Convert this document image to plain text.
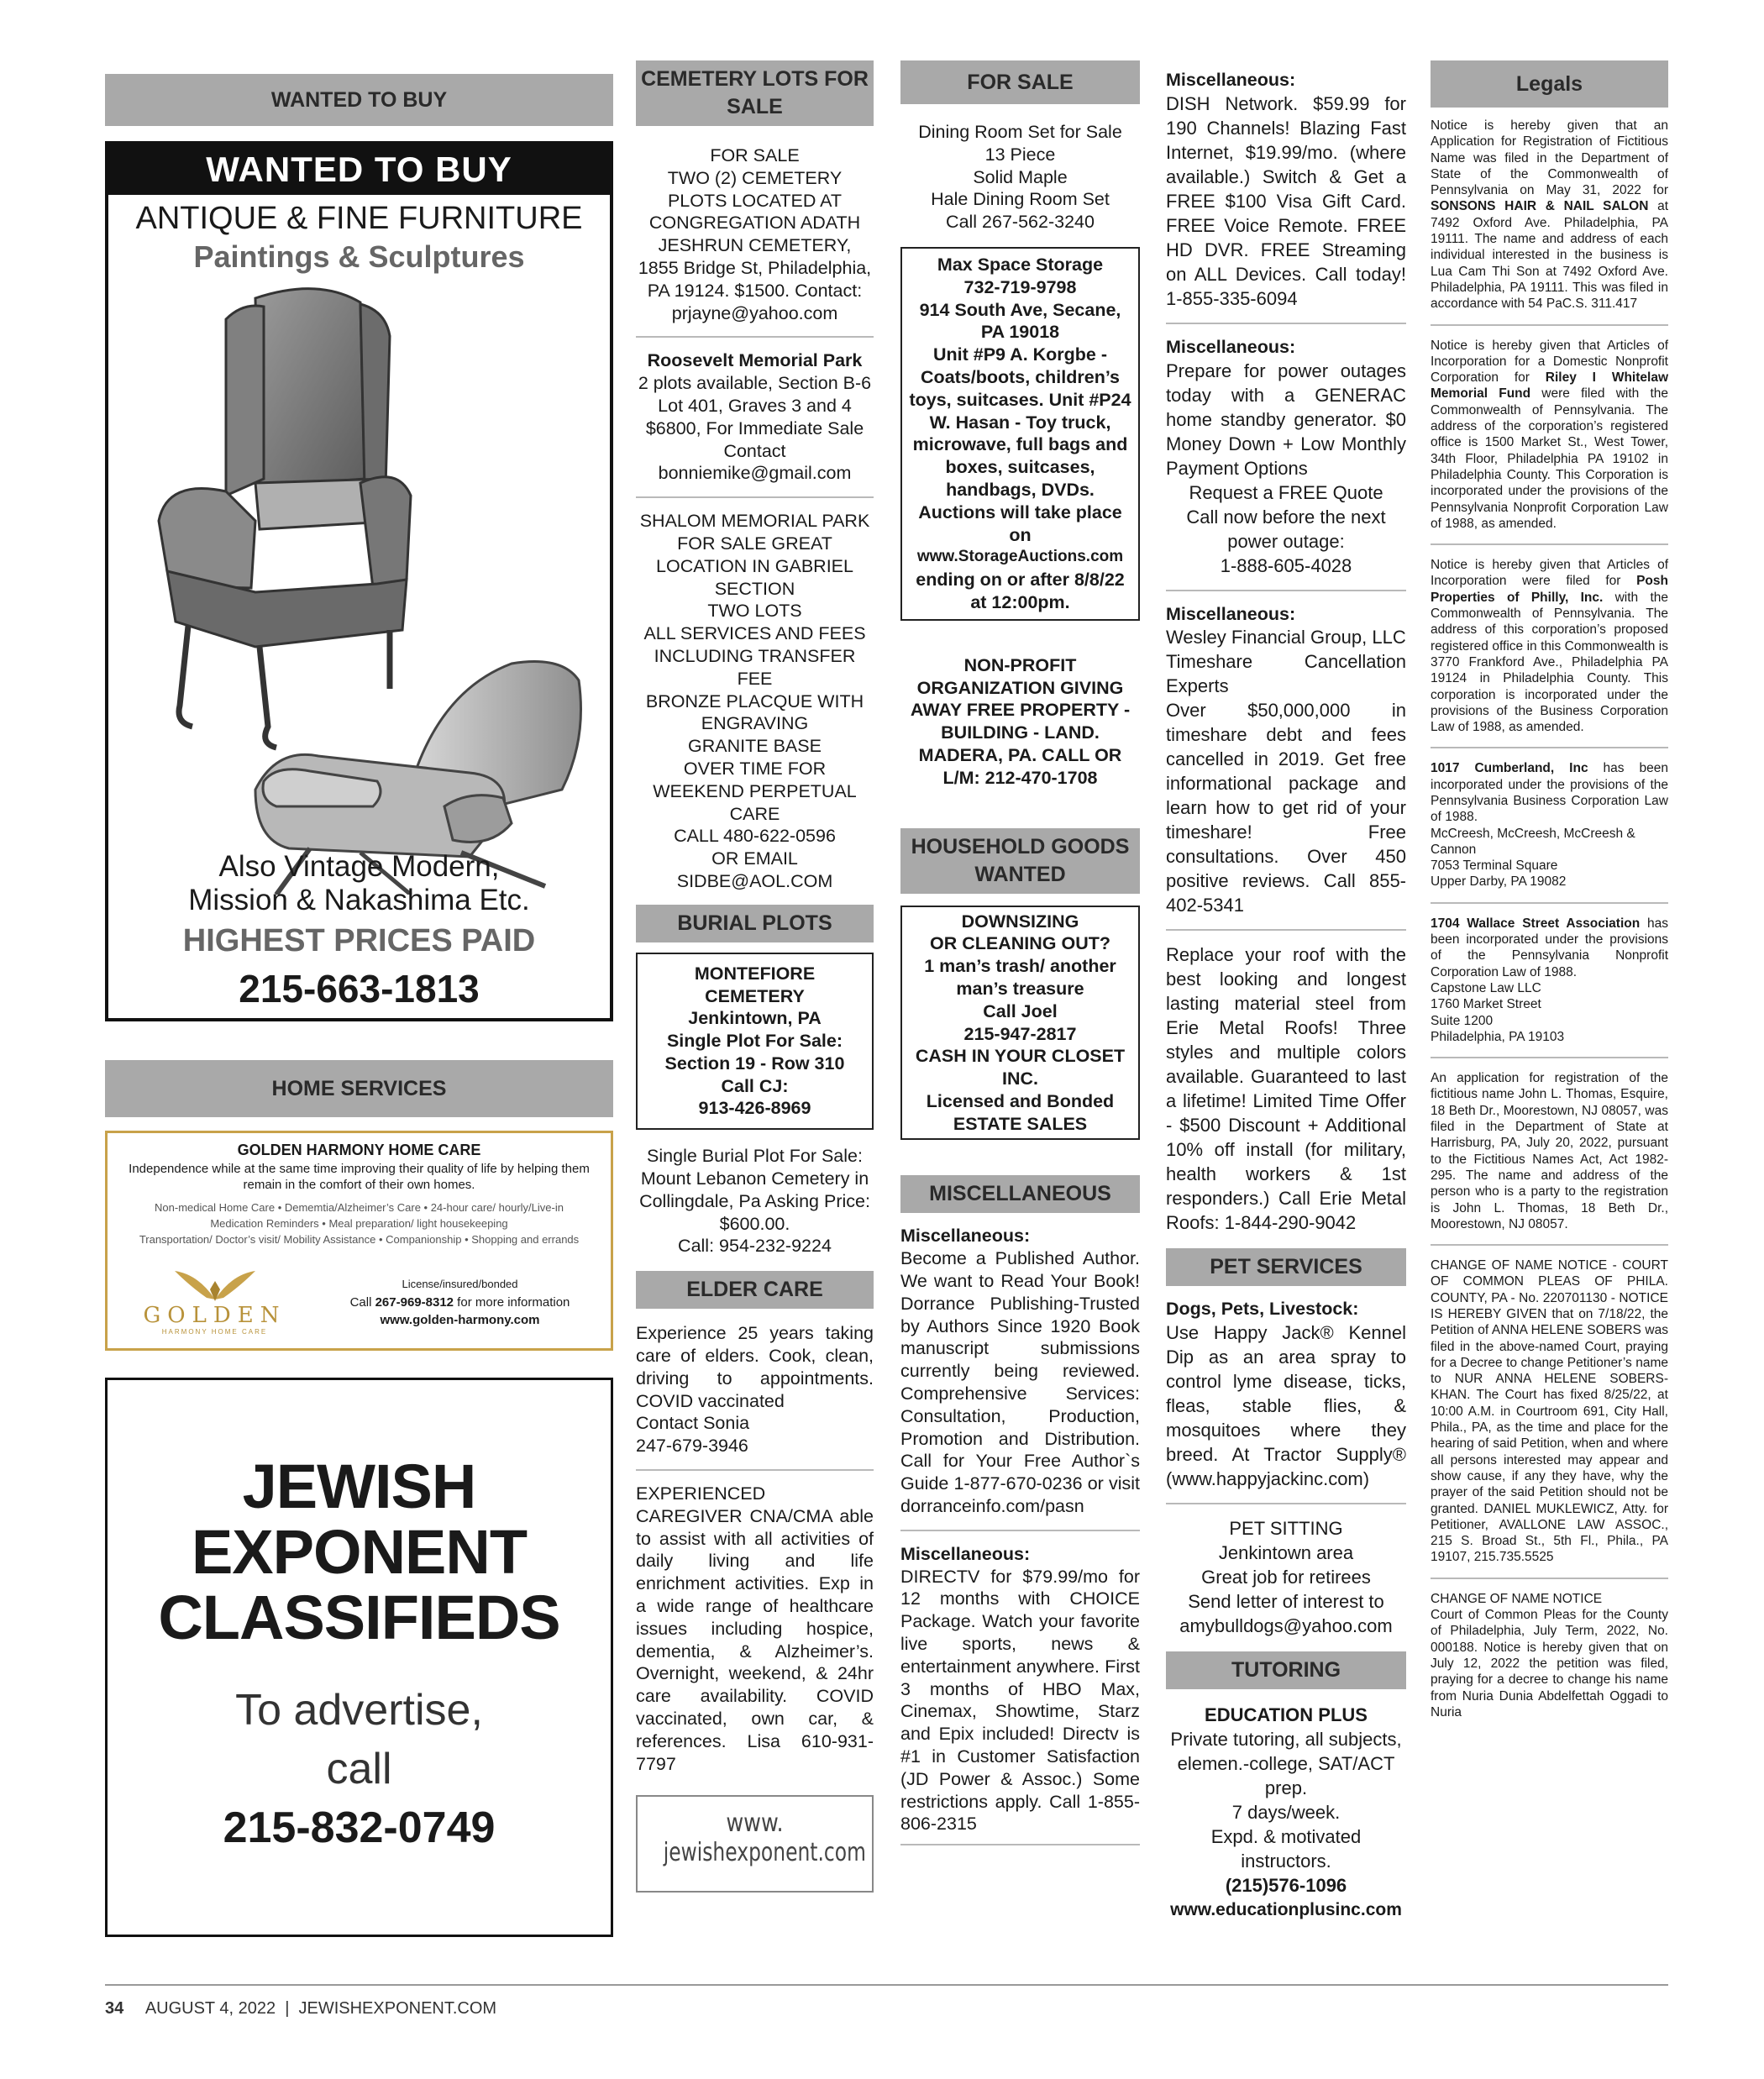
WANTED TO BUY
WANTED TO BUY
ANTIQUE & FINE FURNITURE
Paintings & Sculptures
Also Vintage Modern,
Mission & Nakashima Etc.
HIGHEST PRICES PAID
215-663-1813
HOME SERVICES
GOLDEN HARMONY HOME CARE
Independence while at the same time improving their quality of life by helping them remain in the comfort of their own homes.
Non-medical Home Care • Dememtia/Alzheimer’s Care • 24-hour care/ hourly/Live-in
Medication Reminders • Meal preparation/ light housekeeping
Transportation/ Doctor’s visit/ Mobility Assistance • Companionship • Shopping and errands
GOLDEN
HARMONY HOME CARE
License/insured/bonded
Call 267-969-8312 for more information
www.golden-harmony.com
JEWISH
EXPONENT
CLASSIFIEDS
To advertise,
call
215-832-0749
CEMETERY LOTS FOR SALE
FOR SALE
TWO (2) CEMETERY PLOTS LOCATED AT CONGREGATION ADATH JESHRUN CEMETERY, 1855 Bridge St, Philadelphia, PA 19124. $1500. Contact: prjayne@yahoo.com
Roosevelt Memorial Park
2 plots available, Section B-6
Lot 401, Graves 3 and 4 $6800, For Immediate Sale Contact
bonniemike@gmail.com
SHALOM MEMORIAL PARK FOR SALE GREAT LOCATION IN GABRIEL SECTION
TWO LOTS
ALL SERVICES AND FEES INCLUDING TRANSFER FEE
BRONZE PLACQUE WITH ENGRAVING
GRANITE BASE
OVER TIME FOR WEEKEND PERPETUAL CARE
CALL 480-622-0596
OR EMAIL
SIDBE@AOL.COM
BURIAL PLOTS
MONTEFIORE CEMETERY
Jenkintown, PA
Single Plot For Sale: Section 19 - Row 310
Call CJ:
913-426-8969
Single Burial Plot For Sale: Mount Lebanon Cemetery in Collingdale, Pa Asking Price: $600.00.
Call: 954-232-9224
ELDER CARE
Experience 25 years taking care of elders. Cook, clean, driving to appointments. COVID vaccinated
Contact Sonia
247-679-3946
EXPERIENCED CAREGIVER CNA/CMA able to assist with all activities of daily living and life enrichment activities. Exp in a wide range of healthcare issues including hospice, dementia, & Alzheimer’s. Overnight, weekend, & 24hr care availability. COVID vaccinated, own car, & references. Lisa 610-931-7797
www.
jewishexponent.com
FOR SALE
Dining Room Set for Sale
13 Piece
Solid Maple
Hale Dining Room Set
Call 267-562-3240
Max Space Storage
732-719-9798
914 South Ave, Secane, PA 19018
Unit #P9 A. Korgbe - Coats/boots, children’s toys, suitcases. Unit #P24 W. Hasan - Toy truck, microwave, full bags and boxes, suitcases, handbags, DVDs. Auctions will take place on
www.StorageAuctions.com
ending on or after 8/8/22 at 12:00pm.
NON-PROFIT ORGANIZATION GIVING AWAY FREE PROPERTY - BUILDING - LAND. MADERA, PA. CALL OR L/M: 212-470-1708
HOUSEHOLD GOODS WANTED
DOWNSIZING
OR CLEANING OUT?
1 man’s trash/ another man’s treasure
Call Joel
215-947-2817
CASH IN YOUR CLOSET INC.
Licensed and Bonded
ESTATE SALES
MISCELLANEOUS
Miscellaneous:
Become a Published Author. We want to Read Your Book! Dorrance Publishing-Trusted by Authors Since 1920 Book manuscript submissions currently being reviewed. Comprehensive Services: Consultation, Production, Promotion and Distribution. Call for Your Free Author`s Guide 1-877-670-0236 or visit dorranceinfo.com/pasn
Miscellaneous:
DIRECTV for $79.99/mo for 12 months with CHOICE Package. Watch your favorite live sports, news & entertainment anywhere. First 3 months of HBO Max, Cinemax, Showtime, Starz and Epix included! Directv is #1 in Customer Satisfaction (JD Power & Assoc.) Some restrictions apply. Call 1-855-806-2315
Miscellaneous:
DISH Network. $59.99 for 190 Channels! Blazing Fast Internet, $19.99/mo. (where available.) Switch & Get a FREE $100 Visa Gift Card. FREE Voice Remote. FREE HD DVR. FREE Streaming on ALL Devices. Call today! 1-855-335-6094
Miscellaneous:
Prepare for power outages today with a GENERAC home standby generator. $0 Money Down + Low Monthly Payment Options
Request a FREE Quote
Call now before the next power outage:
1-888-605-4028
Miscellaneous:
Wesley Financial Group, LLC
Timeshare Cancellation Experts
Over $50,000,000 in timeshare debt and fees cancelled in 2019. Get free informational package and learn how to get rid of your timeshare! Free consultations. Over 450 positive reviews. Call 855-402-5341
Replace your roof with the best looking and longest lasting material steel from Erie Metal Roofs! Three styles and multiple colors available. Guaranteed to last a lifetime! Limited Time Offer - $500 Discount + Additional 10% off install (for military, health workers & 1st responders.) Call Erie Metal Roofs: 1-844-290-9042
PET SERVICES
Dogs, Pets, Livestock:
Use Happy Jack® Kennel Dip as an area spray to control lyme disease, ticks, fleas, stable flies, & mosquitoes where they breed. At Tractor Supply® (www.happyjackinc.com)
PET SITTING
Jenkintown area
Great job for retirees
Send letter of interest to
amybulldogs@yahoo.com
TUTORING
EDUCATION PLUS
Private tutoring, all subjects, elemen.-college, SAT/ACT prep.
7 days/week.
Expd. & motivated instructors.
(215)576-1096
www.educationplusinc.com
Legals

Notice is hereby given that an Application for Registration of Fictitious Name was filed in the Department of State of the Commonwealth of Pennsylvania on May 31, 2022 for SONSONS HAIR & NAIL SALON at 7492 Oxford Ave. Philadelphia, PA 19111. The name and address of each individual interested in the business is Lua Cam Thi Son at 7492 Oxford Ave. Philadelphia, PA 19111. This was filed in accordance with 54 PaC.S. 311.417

Notice is hereby given that Articles of Incorporation for a Domestic Nonprofit Corporation for Riley I Whitelaw Memorial Fund were filed with the Commonwealth of Pennsylvania. The address of the corporation’s registered office is 1500 Market St., West Tower, 34th Floor, Philadelphia PA 19102 in Philadelphia County. This Corporation is incorporated under the provisions of the Pennsylvania Nonprofit Corporation Law of 1988, as amended.

Notice is hereby given that Articles of Incorporation were filed for Posh Properties of Philly, Inc. with the Commonwealth of Pennsylvania. The address of this corporation’s proposed registered office in this Commonwealth is 3770 Frankford Ave., Philadelphia PA 19124 in Philadelphia County. This corporation is incorporated under the provisions of the Business Corporation Law of 1988, as amended.

1017 Cumberland, Inc has been incorporated under the provisions of the Pennsylvania Business Corporation Law of 1988.

McCreesh, McCreesh, McCreesh & Cannon
7053 Terminal Square
Upper Darby, PA 19082

1704 Wallace Street Association has been incorporated under the provisions of the Pennsylvania Nonprofit Corporation Law of 1988.

Capstone Law LLC
1760 Market Street
Suite 1200
Philadelphia, PA 19103

An application for registration of the fictitious name John L. Thomas, Esquire, 18 Beth Dr., Moorestown, NJ 08057, was filed in the Department of State at Harrisburg, PA, July 20, 2022, pursuant to the Fictitious Names Act, Act 1982-295. The name and address of the person who is a party to the registration is John L. Thomas, 18 Beth Dr., Moorestown, NJ 08057.

CHANGE OF NAME NOTICE - COURT OF COMMON PLEAS OF PHILA. COUNTY, PA - No. 220701130 - NOTICE IS HEREBY GIVEN that on 7/18/22, the Petition of ANNA HELENE SOBERS was filed in the above-named Court, praying for a Decree to change Petitioner’s name to NUR ANNA HELENE SOBERS-KHAN. The Court has fixed 8/25/22, at 10:00 A.M. in Courtroom 691, City Hall, Phila., PA, as the time and place for the hearing of said Petition, when and where all persons interested may appear and show cause, if any they have, why the prayer of the said Petition should not be granted. DANIEL MUKLEWICZ, Atty. for Petitioner, AVALLONE LAW ASSOC., 215 S. Broad St., 5th Fl., Phila., PA 19107, 215.735.5525

CHANGE OF NAME NOTICE
Court of Common Pleas for the County of Philadelphia, July Term, 2022, No. 000188. Notice is hereby given that on July 12, 2022 the petition was filed, praying for a decree to change his name from Nuria Dunia Abdelfettah Oggadi to Nuria

34 AUGUST 4, 2022  |  JEWISHEXPONENT.COM
